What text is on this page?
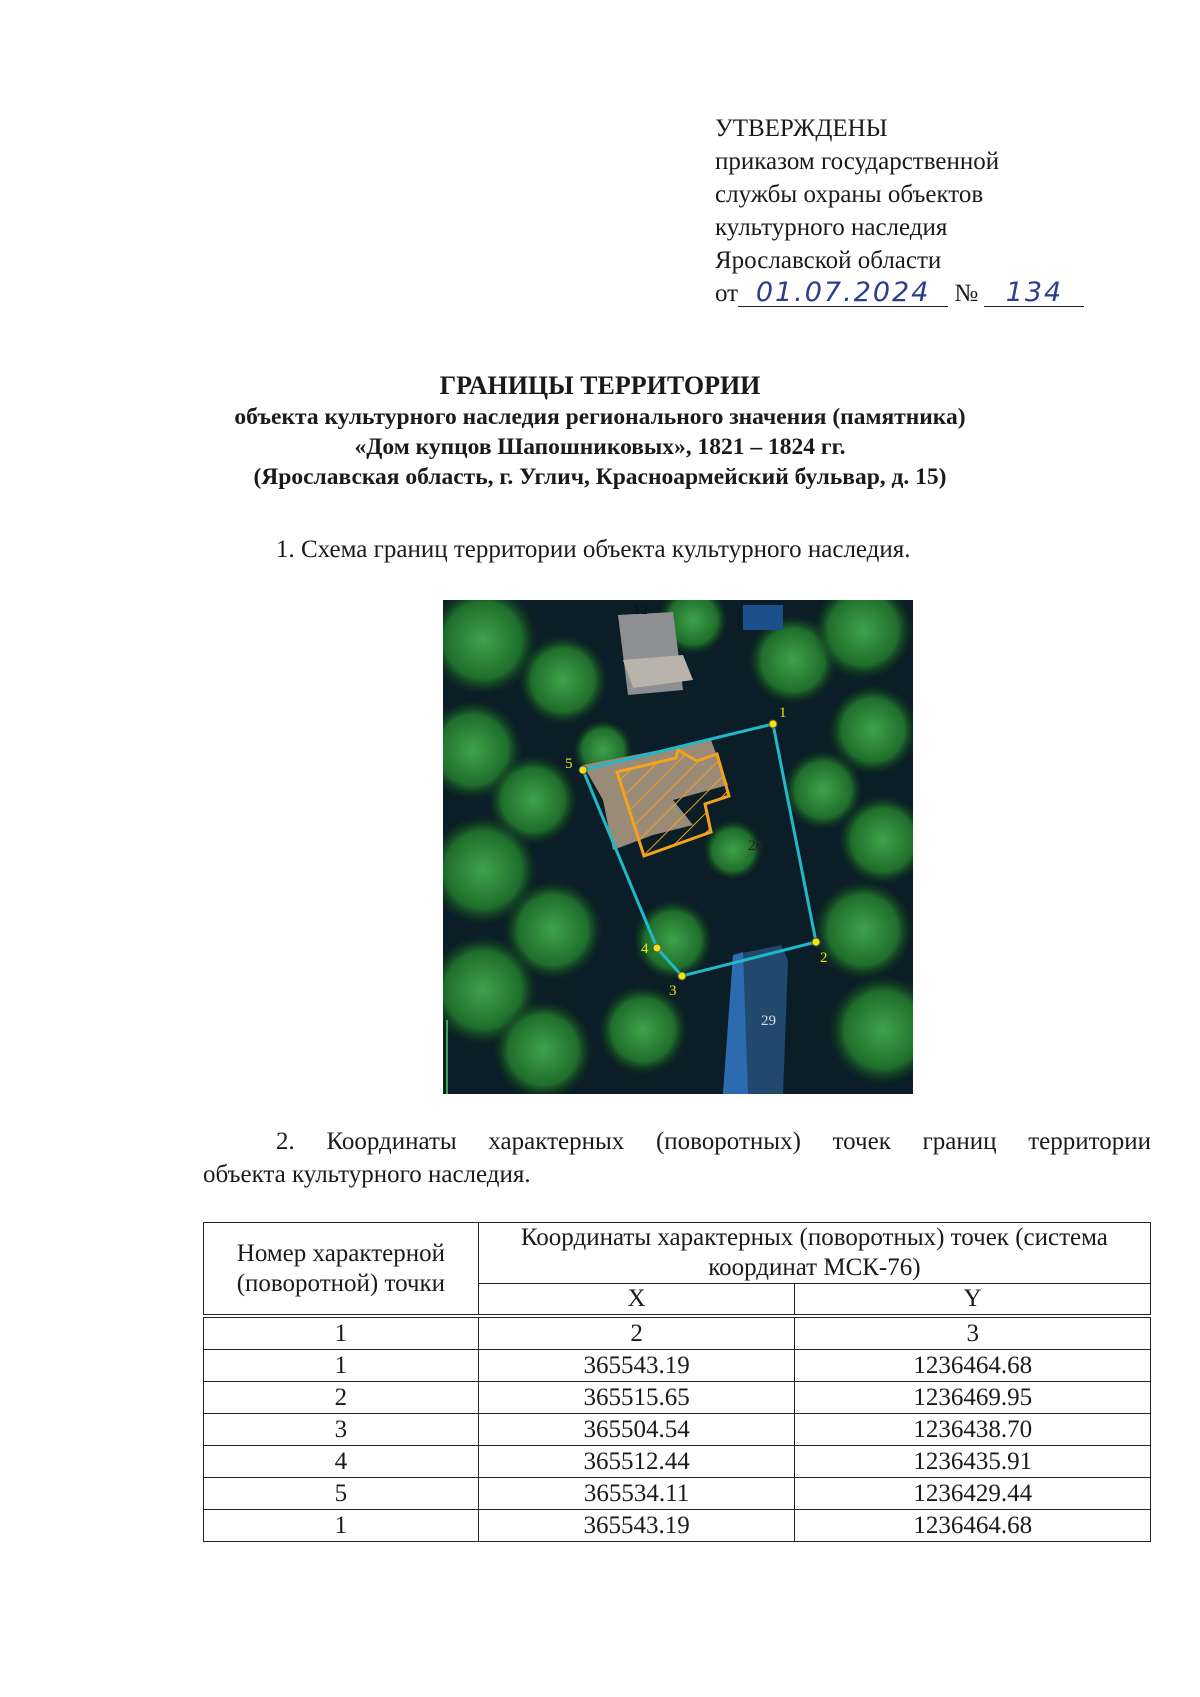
УТВЕРЖДЕНЫ
приказом государственной
службы охраны объектов
культурного наследия
Ярославской области
от 01.07.2024 № 134
ГРАНИЦЫ ТЕРРИТОРИИ
объекта культурного наследия регионального значения (памятника)
«Дом купцов Шапошниковых», 1821 – 1824 гг.
(Ярославская область, г. Углич, Красноармейский бульвар, д. 15)
1. Схема границ территории объекта культурного наследия.
12
26
29
1
2
3
4
5
2. Координаты характерных (поворотных) точек границ территории
объекта культурного наследия.
Номер характерной (поворотной) точки	Координаты характерных (поворотных) точек (система координат МСК-76)	
	X	Y
1	2	3
1	365543.19	1236464.68
2	365515.65	1236469.95
3	365504.54	1236438.70
4	365512.44	1236435.91
5	365534.11	1236429.44
1	365543.19	1236464.68
